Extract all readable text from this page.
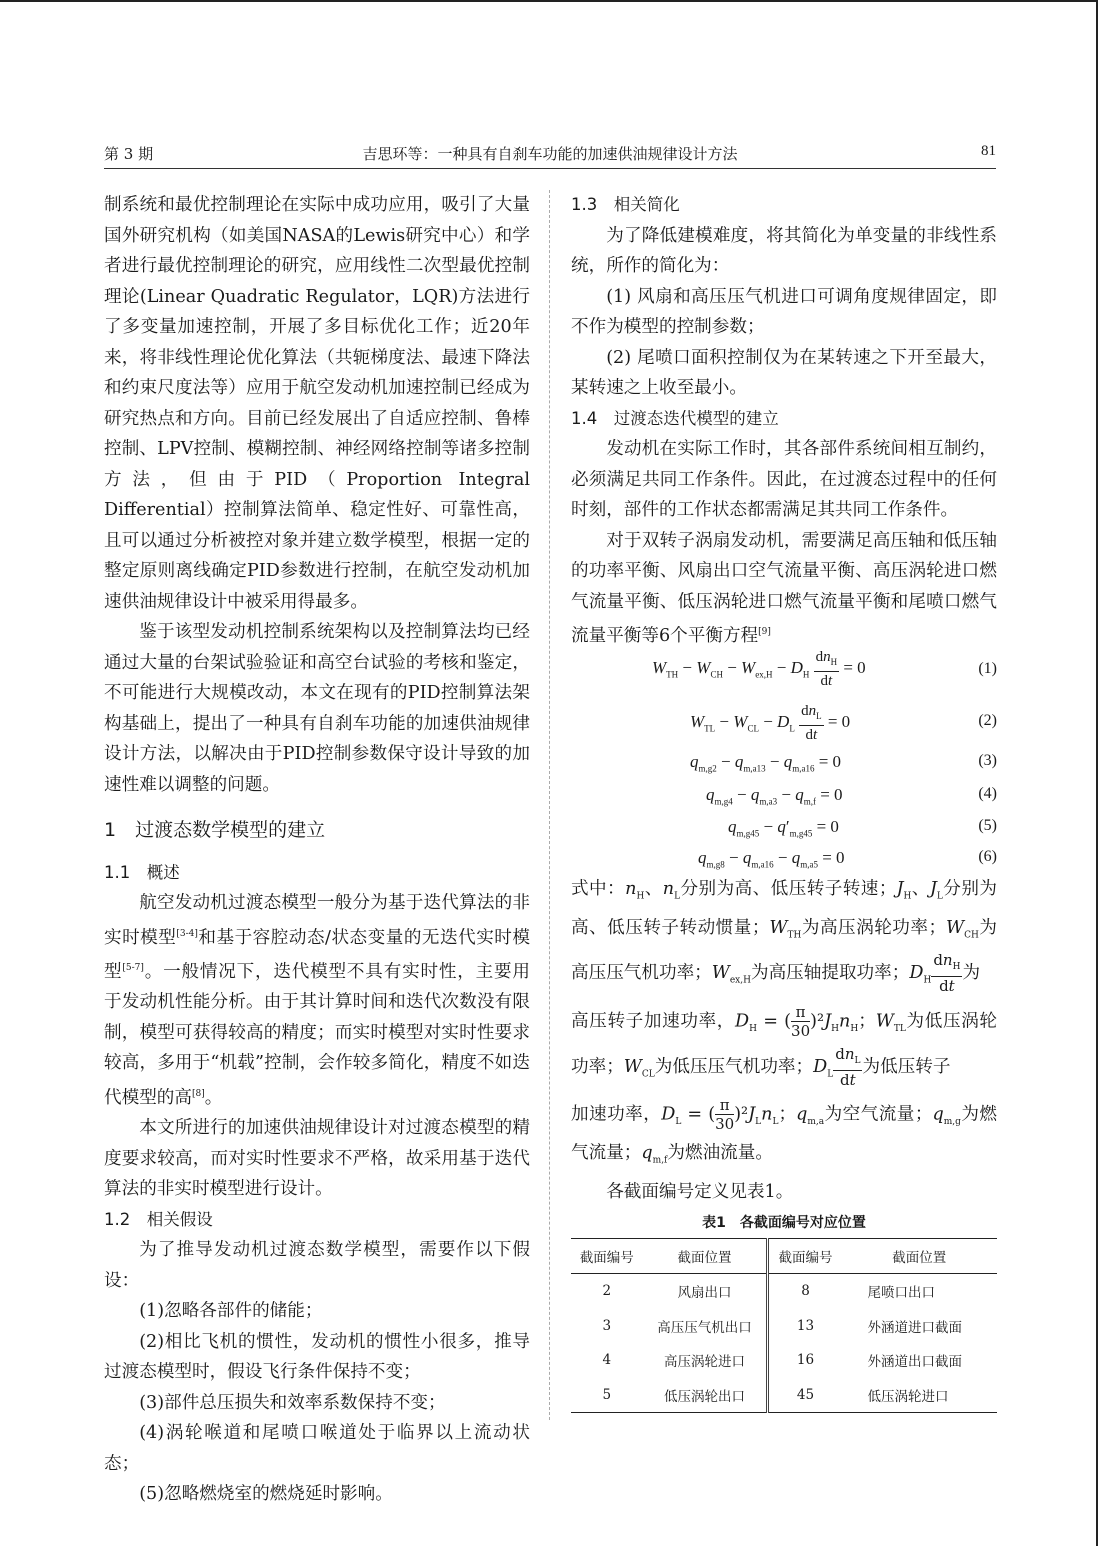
第 3 期	吉思环等：一种具有自刹车功能的加速供油规律设计方法	81

制系统和最优控制理论在实际中成功应用，吸引了大量国外研究机构（如美国NASA的Lewis研究中心）和学者进行最优控制理论的研究，应用线性二次型最优控制理论(Linear Quadratic Regulator，LQR)方法进行了多变量加速控制，开展了多目标优化工作；近20年来，将非线性理论优化算法（共轭梯度法、最速下降法和约束尺度法等）应用于航空发动机加速控制已经成为研究热点和方向。目前已经发展出了自适应控制、鲁棒控制、LPV控制、模糊控制、神经网络控制等诸多控制方法，但由于PID（Proportion Integral Differential）控制算法简单、稳定性好、可靠性高，且可以通过分析被控对象并建立数学模型，根据一定的整定原则离线确定PID参数进行控制，在航空发动机加速供油规律设计中被采用得最多。

鉴于该型发动机控制系统架构以及控制算法均已经通过大量的台架试验验证和高空台试验的考核和鉴定，不可能进行大规模改动，本文在现有的PID控制算法架构基础上，提出了一种具有自刹车功能的加速供油规律设计方法，以解决由于PID控制参数保守设计导致的加速性难以调整的问题。

1　过渡态数学模型的建立

1.1　概述

航空发动机过渡态模型一般分为基于迭代算法的非实时模型[3-4]和基于容腔动态/状态变量的无迭代实时模型[5-7]。一般情况下，迭代模型不具有实时性，主要用于发动机性能分析。由于其计算时间和迭代次数没有限制，模型可获得较高的精度；而实时模型对实时性要求较高，多用于“机载”控制，会作较多简化，精度不如迭代模型的高[8]。

本文所进行的加速供油规律设计对过渡态模型的精度要求较高，而对实时性要求不严格，故采用基于迭代算法的非实时模型进行设计。

1.2　相关假设

为了推导发动机过渡态数学模型，需要作以下假设：

(1)忽略各部件的储能；

(2)相比飞机的惯性，发动机的惯性小很多，推导过渡态模型时，假设飞行条件保持不变；

(3)部件总压损失和效率系数保持不变；

(4)涡轮喉道和尾喷口喉道处于临界以上流动状态；

(5)忽略燃烧室的燃烧延时影响。

1.3　相关简化

为了降低建模难度，将其简化为单变量的非线性系统，所作的简化为：

(1) 风扇和高压压气机进口可调角度规律固定，即不作为模型的控制参数；

(2) 尾喷口面积控制仅为在某转速之下开至最大，某转速之上收至最小。

1.4　过渡态迭代模型的建立

发动机在实际工作时，其各部件系统间相互制约，必须满足共同工作条件。因此，在过渡态过程中的任何时刻，部件的工作状态都需满足其共同工作条件。

对于双转子涡扇发动机，需要满足高压轴和低压轴的功率平衡、风扇出口空气流量平衡、高压涡轮进口燃气流量平衡、低压涡轮进口燃气流量平衡和尾喷口燃气流量平衡等6个平衡方程[9]

$W_{TH} - W_{CH} - W_{ex,H} - D_H \frac{dn_H}{dt} = 0$	(1)
$W_{TL} - W_{CL} - D_L \frac{dn_L}{dt} = 0$	(2)
$q_{m,g2} - q_{m,a13} - q_{m,a16} = 0$	(3)
$q_{m,g4} - q_{m,a3} - q_{m,f} = 0$	(4)
$q_{m,g45} - q'_{m,g45} = 0$	(5)
$q_{m,g8} - q_{m,a16} - q_{m,a5} = 0$	(6)

式中：$n_H$、$n_L$分别为高、低压转子转速；$J_H$、$J_L$分别为高、低压转子转动惯量；$W_{TH}$为高压涡轮功率；$W_{CH}$为高压压气机功率；$W_{ex,H}$为高压轴提取功率；$D_H \frac{dn_H}{dt}$ 为

高压转子加速功率，$D_H$ = ( $\frac{\pi}{30} )^2J_Hn_H$；$W_{TL}$为低压涡轮功率；$W_{CL}$为低压压气机功率；$D_L \frac{dn_L}{dt}$ 为低压转子

加速功率，$D_L$ = ( $\frac{\pi}{30} )^2J_Ln_L$；$q_{m,a}$为空气流量；$q_{m,g}$为燃气流量；$q_{m,f}$为燃油流量。

各截面编号定义见表1。

表1　各截面编号对应位置
截面编号	截面位置	截面编号	截面位置
2	风扇出口	8	尾喷口出口
3	高压压气机出口	13	外涵道进口截面
4	高压涡轮进口	16	外涵道出口截面
5	低压涡轮出口	45	低压涡轮进口
